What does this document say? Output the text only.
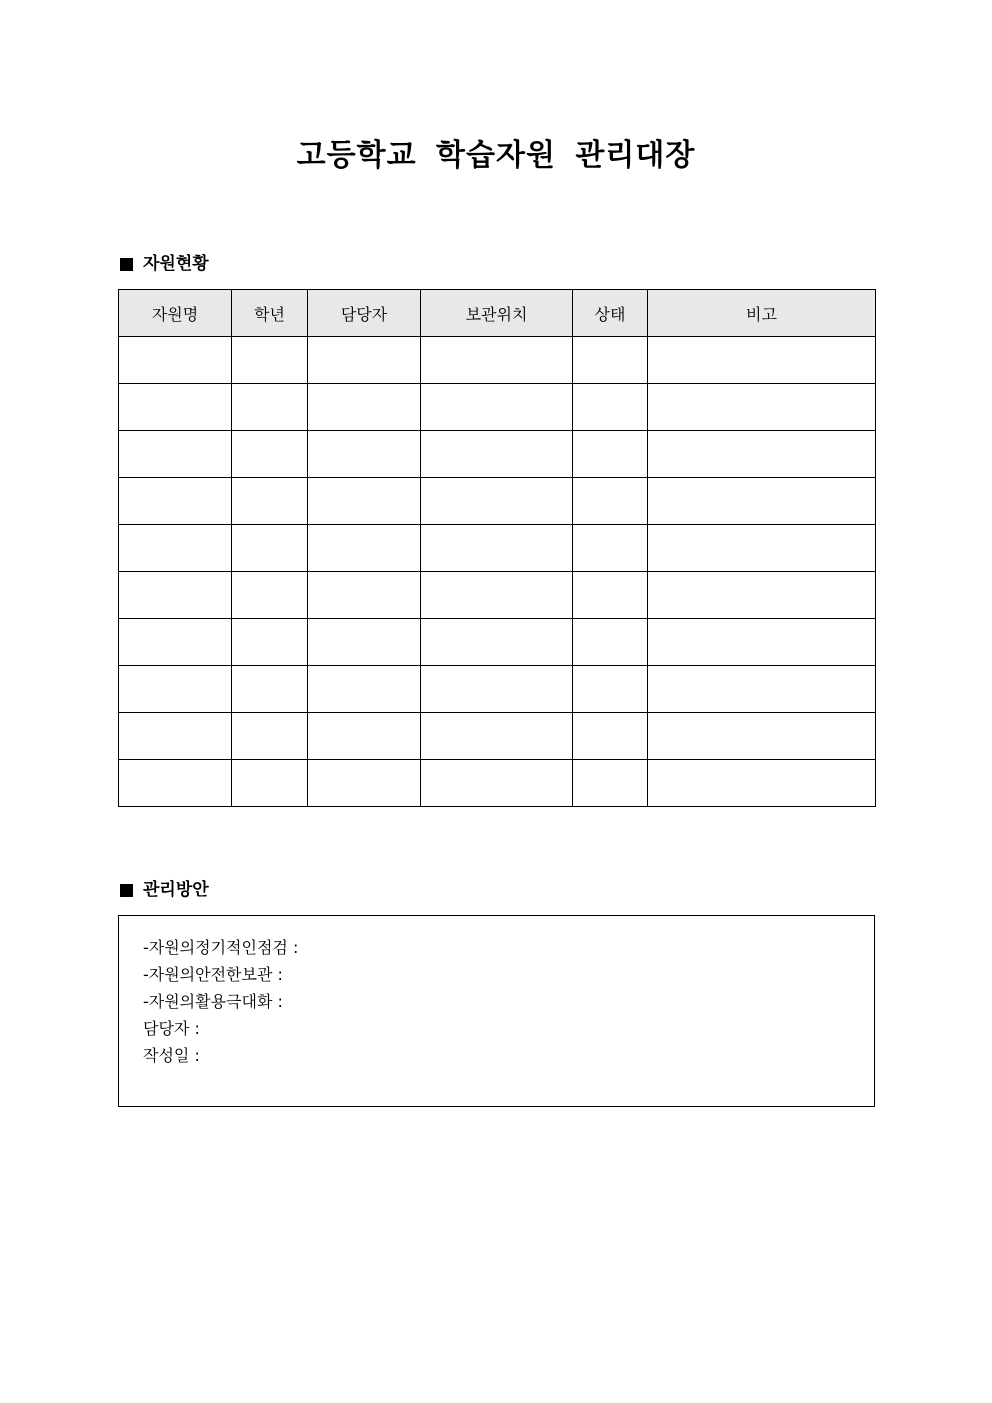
고등학교 학습자원 관리대장
자원현황
자원명	학년	담당자	보관위치	상태	비고

관리방안
-자원의정기적인점검 :
-자원의안전한보관 :
-자원의활용극대화 :
담당자 :
작성일 :
